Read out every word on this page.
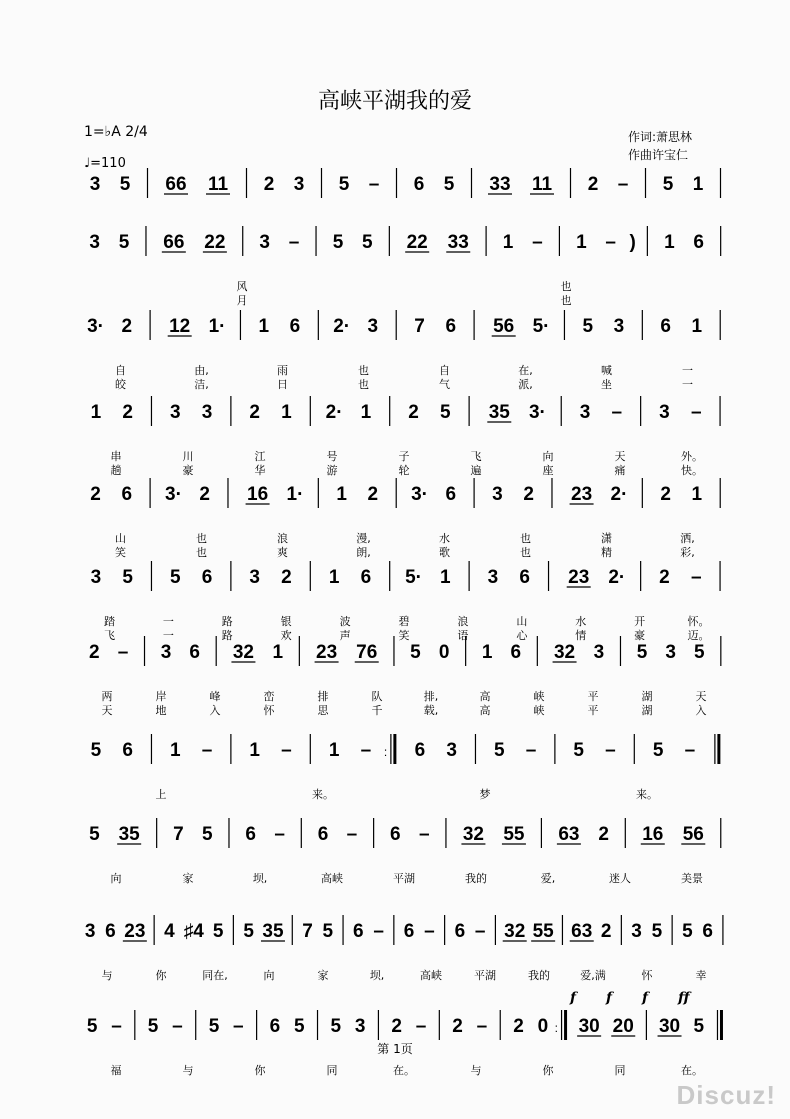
高峡平湖我的爱
1=♭A 2/4
♩=110
作词:萧思林
作曲许宝仁
3 5 66 11 2 3 5 – 6 5 33 11 2 – 5 1
3 5 66 22 3 – 5 5 22 33 1 – 1 – ) 1 6
风	也
月	也
3· 2 12 1· 1 6 2· 3 7 6 56 5· 5 3 6 1
自	由,	雨	也	自	在,	喊	一
皎	洁,	日	也	气	派,	坐	一
1 2 3 3 2 1 2· 1 2 5 35 3· 3 – 3 –
串	川	江	号	子	飞	向	天	外。
趟	豪	华	游	轮	遍	座	痛	快。
2 6 3· 2 16 1· 1 2 3· 6 3 2 23 2· 2 1
山	也	浪	漫,	水	也	潇	洒,
笑	也	爽	朗,	歌	也	精	彩,
3 5 5 6 3 2 1 6 5· 1 3 6 23 2· 2 –
踏	一	路	银	波	碧	浪	山	水	开	怀。
飞	一	路	欢	声	笑	语	心	情	豪	迈。
2 – 3 6 32 1 23 76 5 0 1 6 32 3 5 3 5
两	岸	峰	峦	排	队	排,	高	峡	平	湖	天
天	地	入	怀	思	千	载,	高	峡	平	湖	入
5 6 1 – 1 – 1 – : 6 3 5 – 5 – 5 –
上	来。	梦	来。
5 35 7 5 6 – 6 – 6 – 32 55 63 2 16 56
向	家	坝,	高峡	平湖	我的	爱,	迷人	美景
3 6 23 4 ♯4 5 5 35 7 5 6 – 6 – 6 – 32 55 63 2 3 5 5 6
与	你	同在,	向	家	坝,	高峡	平湖	我的	爱,满	怀	幸
5 – 5 – 5 – 6 5 5 3 2 – 2 – 2 0 : 30 20 30 5
福	与	你	同	在。	与	你	同	在。
f f f ff
第 1页
Discuz!
